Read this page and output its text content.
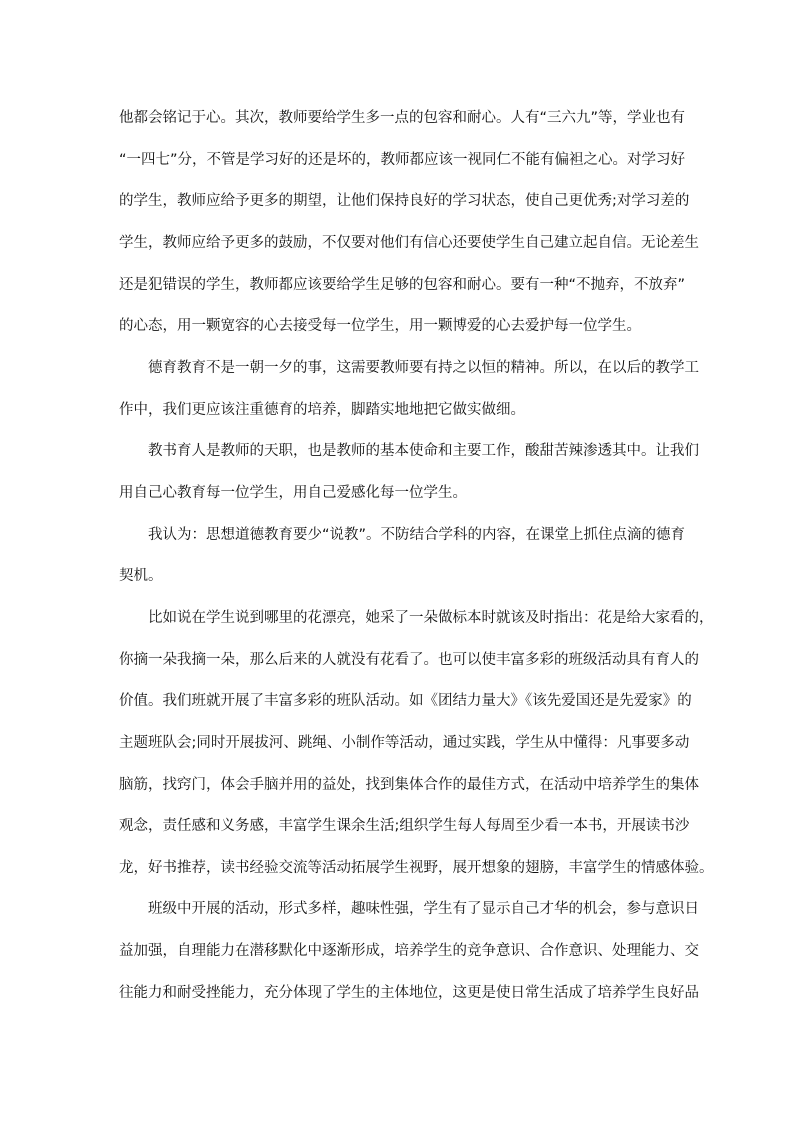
他都会铭记于心。其次，教师要给学生多一点的包容和耐心。人有“三六九”等，学业也有
“一四七”分，不管是学习好的还是坏的，教师都应该一视同仁不能有偏袒之心。对学习好
的学生，教师应给予更多的期望，让他们保持良好的学习状态，使自己更优秀;对学习差的
学生，教师应给予更多的鼓励，不仅要对他们有信心还要使学生自己建立起自信。无论差生
还是犯错误的学生，教师都应该要给学生足够的包容和耐心。要有一种“不抛弃，不放弃”
的心态，用一颗宽容的心去接受每一位学生，用一颗博爱的心去爱护每一位学生。
德育教育不是一朝一夕的事，这需要教师要有持之以恒的精神。所以，在以后的教学工
作中，我们更应该注重德育的培养，脚踏实地地把它做实做细。
教书育人是教师的天职，也是教师的基本使命和主要工作，酸甜苦辣渗透其中。让我们
用自己心教育每一位学生，用自己爱感化每一位学生。
我认为：思想道德教育要少“说教”。不防结合学科的内容，在课堂上抓住点滴的德育
契机。
比如说在学生说到哪里的花漂亮，她采了一朵做标本时就该及时指出：花是给大家看的，
你摘一朵我摘一朵，那么后来的人就没有花看了。也可以使丰富多彩的班级活动具有育人的
价值。我们班就开展了丰富多彩的班队活动。如《团结力量大》《该先爱国还是先爱家》的
主题班队会;同时开展拔河、跳绳、小制作等活动，通过实践，学生从中懂得：凡事要多动
脑筋，找窍门，体会手脑并用的益处，找到集体合作的最佳方式，在活动中培养学生的集体
观念，责任感和义务感，丰富学生课余生活;组织学生每人每周至少看一本书，开展读书沙
龙，好书推荐，读书经验交流等活动拓展学生视野，展开想象的翅膀，丰富学生的情感体验。
班级中开展的活动，形式多样，趣味性强，学生有了显示自己才华的机会，参与意识日
益加强，自理能力在潜移默化中逐渐形成，培养学生的竞争意识、合作意识、处理能力、交
往能力和耐受挫能力，充分体现了学生的主体地位，这更是使日常生活成了培养学生良好品
